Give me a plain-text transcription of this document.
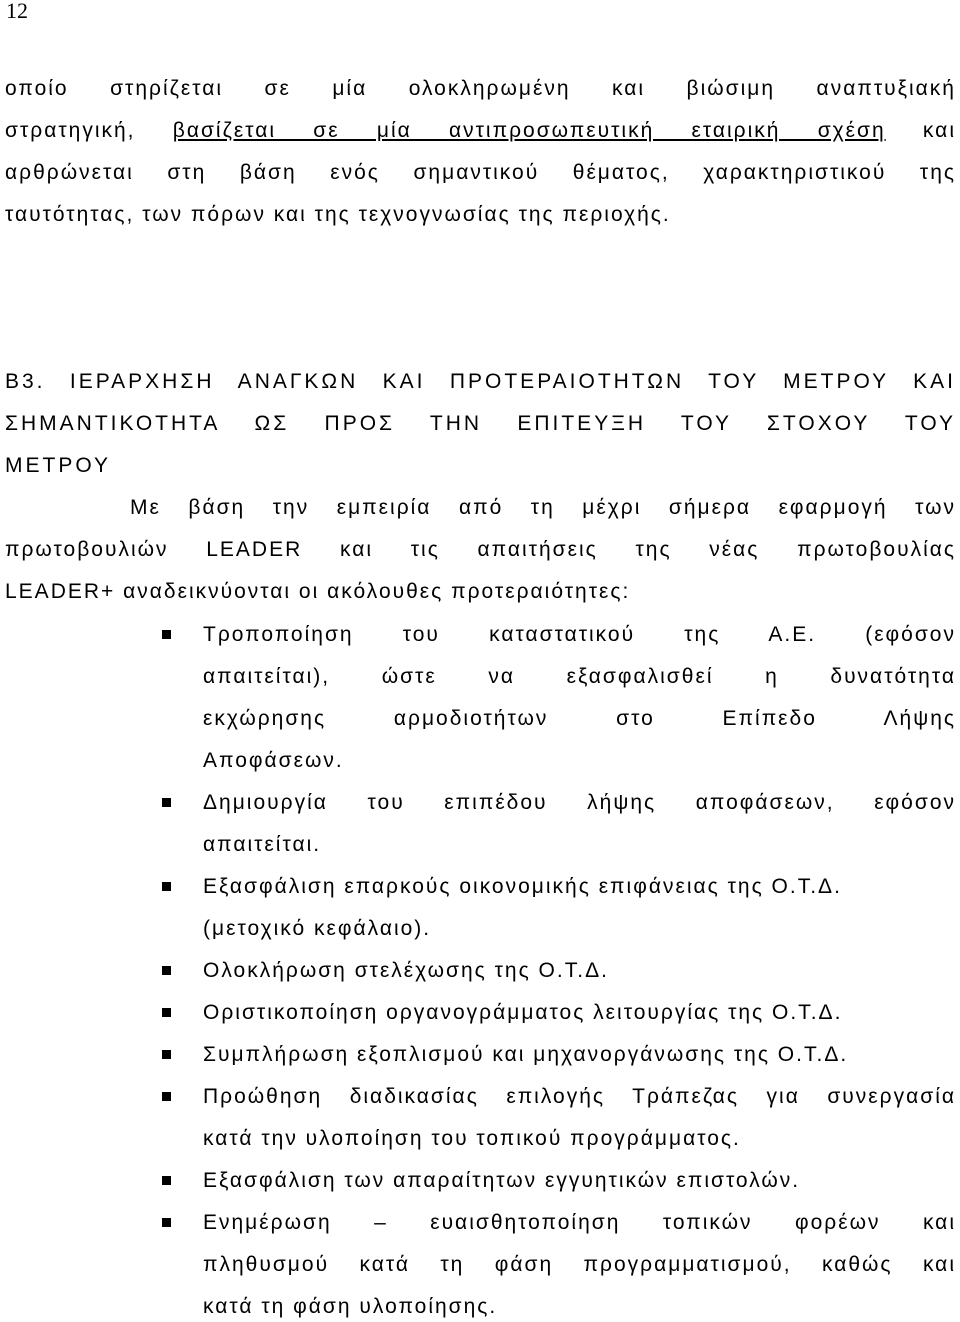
12
οποίο στηρίζεται σε μία ολοκληρωμένη και βιώσιμη αναπτυξιακή
στρατηγική, βασίζεται σε μία αντιπροσωπευτική εταιρική σχέση και
αρθρώνεται στη βάση ενός σημαντικού θέματος, χαρακτηριστικού της
ταυτότητας, των πόρων και της τεχνογνωσίας της περιοχής.
Β3. ΙΕΡΑΡΧΗΣΗ ΑΝΑΓΚΩΝ ΚΑΙ ΠΡΟΤΕΡΑΙΟΤΗΤΩΝ ΤΟΥ ΜΕΤΡΟΥ ΚΑΙ
ΣΗΜΑΝΤΙΚΟΤΗΤΑ ΩΣ ΠΡΟΣ ΤΗΝ ΕΠΙΤΕΥΞΗ ΤΟΥ ΣΤΟΧΟΥ ΤΟΥ
ΜΕΤΡΟΥ
Με βάση την εμπειρία από τη μέχρι σήμερα εφαρμογή των
πρωτοβουλιών LEADER και τις απαιτήσεις της νέας πρωτοβουλίας
LEADER+ αναδεικνύονται οι ακόλουθες προτεραιότητες:
Τροποποίηση του καταστατικού της Α.Ε. (εφόσον
απαιτείται), ώστε να εξασφαλισθεί η δυνατότητα
εκχώρησης αρμοδιοτήτων στο Επίπεδο Λήψης
Αποφάσεων.
Δημιουργία του επιπέδου λήψης αποφάσεων, εφόσον
απαιτείται.
Εξασφάλιση επαρκούς οικονομικής επιφάνειας της Ο.Τ.Δ.
(μετοχικό κεφάλαιο).
Ολοκλήρωση στελέχωσης της Ο.Τ.Δ.
Οριστικοποίηση οργανογράμματος λειτουργίας της Ο.Τ.Δ.
Συμπλήρωση εξοπλισμού και μηχανοργάνωσης της Ο.Τ.Δ.
Προώθηση διαδικασίας επιλογής Τράπεζας για συνεργασία
κατά την υλοποίηση του τοπικού προγράμματος.
Εξασφάλιση των απαραίτητων εγγυητικών επιστολών.
Ενημέρωση – ευαισθητοποίηση τοπικών φορέων και
πληθυσμού κατά τη φάση προγραμματισμού, καθώς και
κατά τη φάση υλοποίησης.
